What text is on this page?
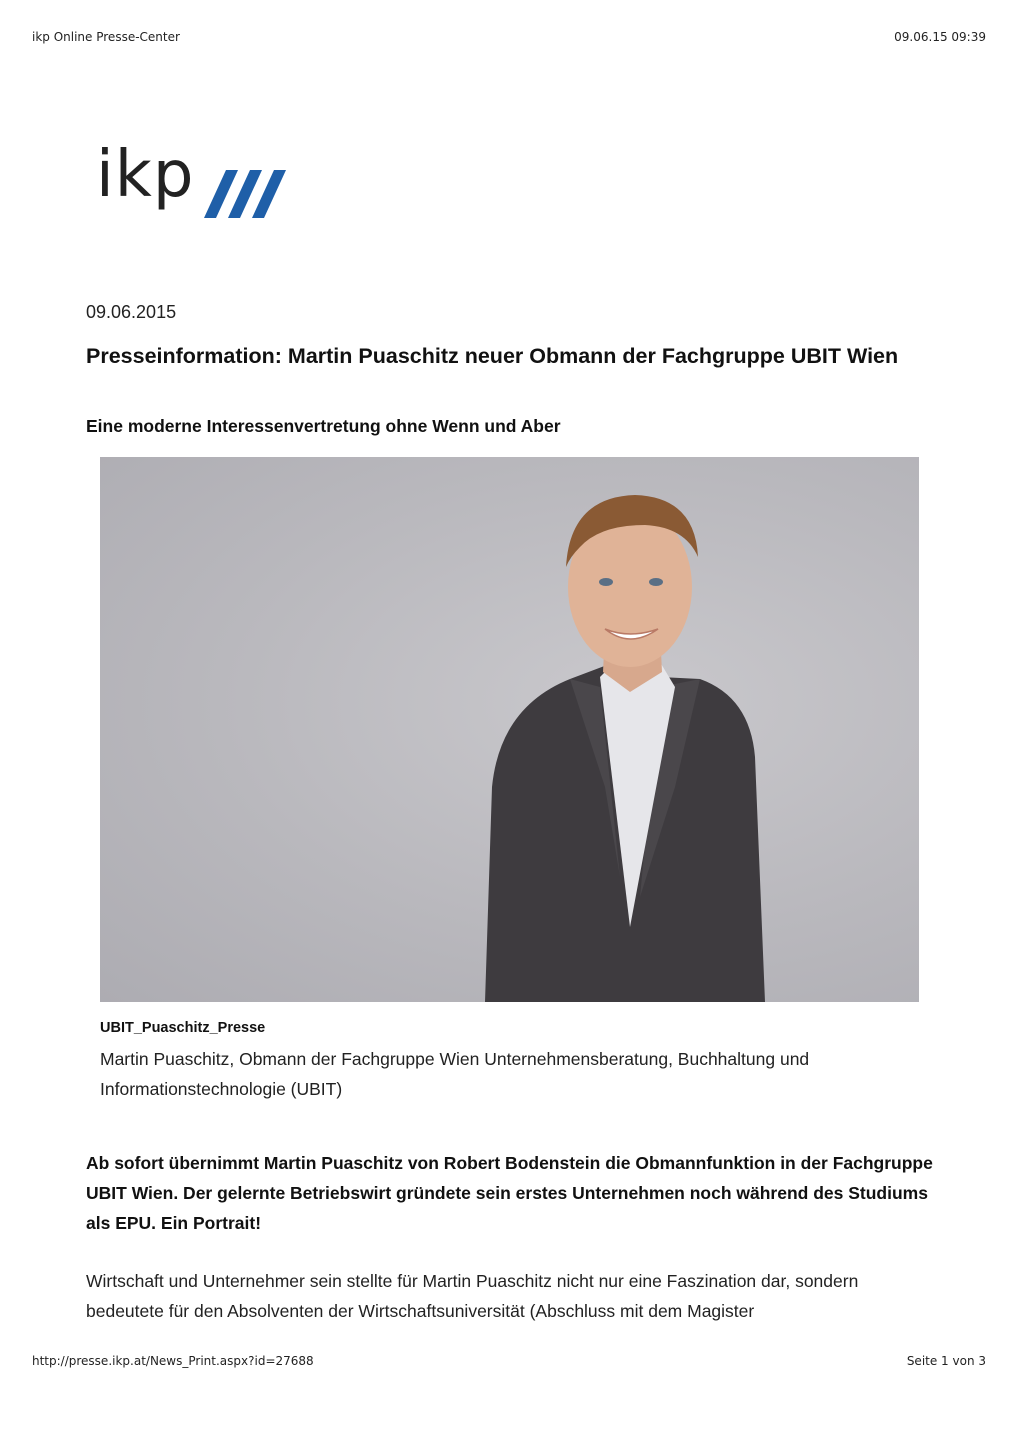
ikp Online Presse-Center	09.06.15 09:39
ikp
09.06.2015
Presseinformation: Martin Puaschitz neuer Obmann der Fachgruppe UBIT Wien
Eine moderne Interessenvertretung ohne Wenn und Aber
UBIT_Puaschitz_Presse
Martin Puaschitz, Obmann der Fachgruppe Wien Unternehmensberatung, Buchhaltung und Informationstechnologie (UBIT)

Ab sofort übernimmt Martin Puaschitz von Robert Bodenstein die Obmannfunktion in der Fachgruppe UBIT Wien. Der gelernte Betriebswirt gründete sein erstes Unternehmen noch während des Studiums als EPU. Ein Portrait!

Wirtschaft und Unternehmer sein stellte für Martin Puaschitz nicht nur eine Faszination dar, sondern bedeutete für den Absolventen der Wirtschaftsuniversität (Abschluss mit dem Magister

http://presse.ikp.at/News_Print.aspx?id=27688	Seite 1 von 3
